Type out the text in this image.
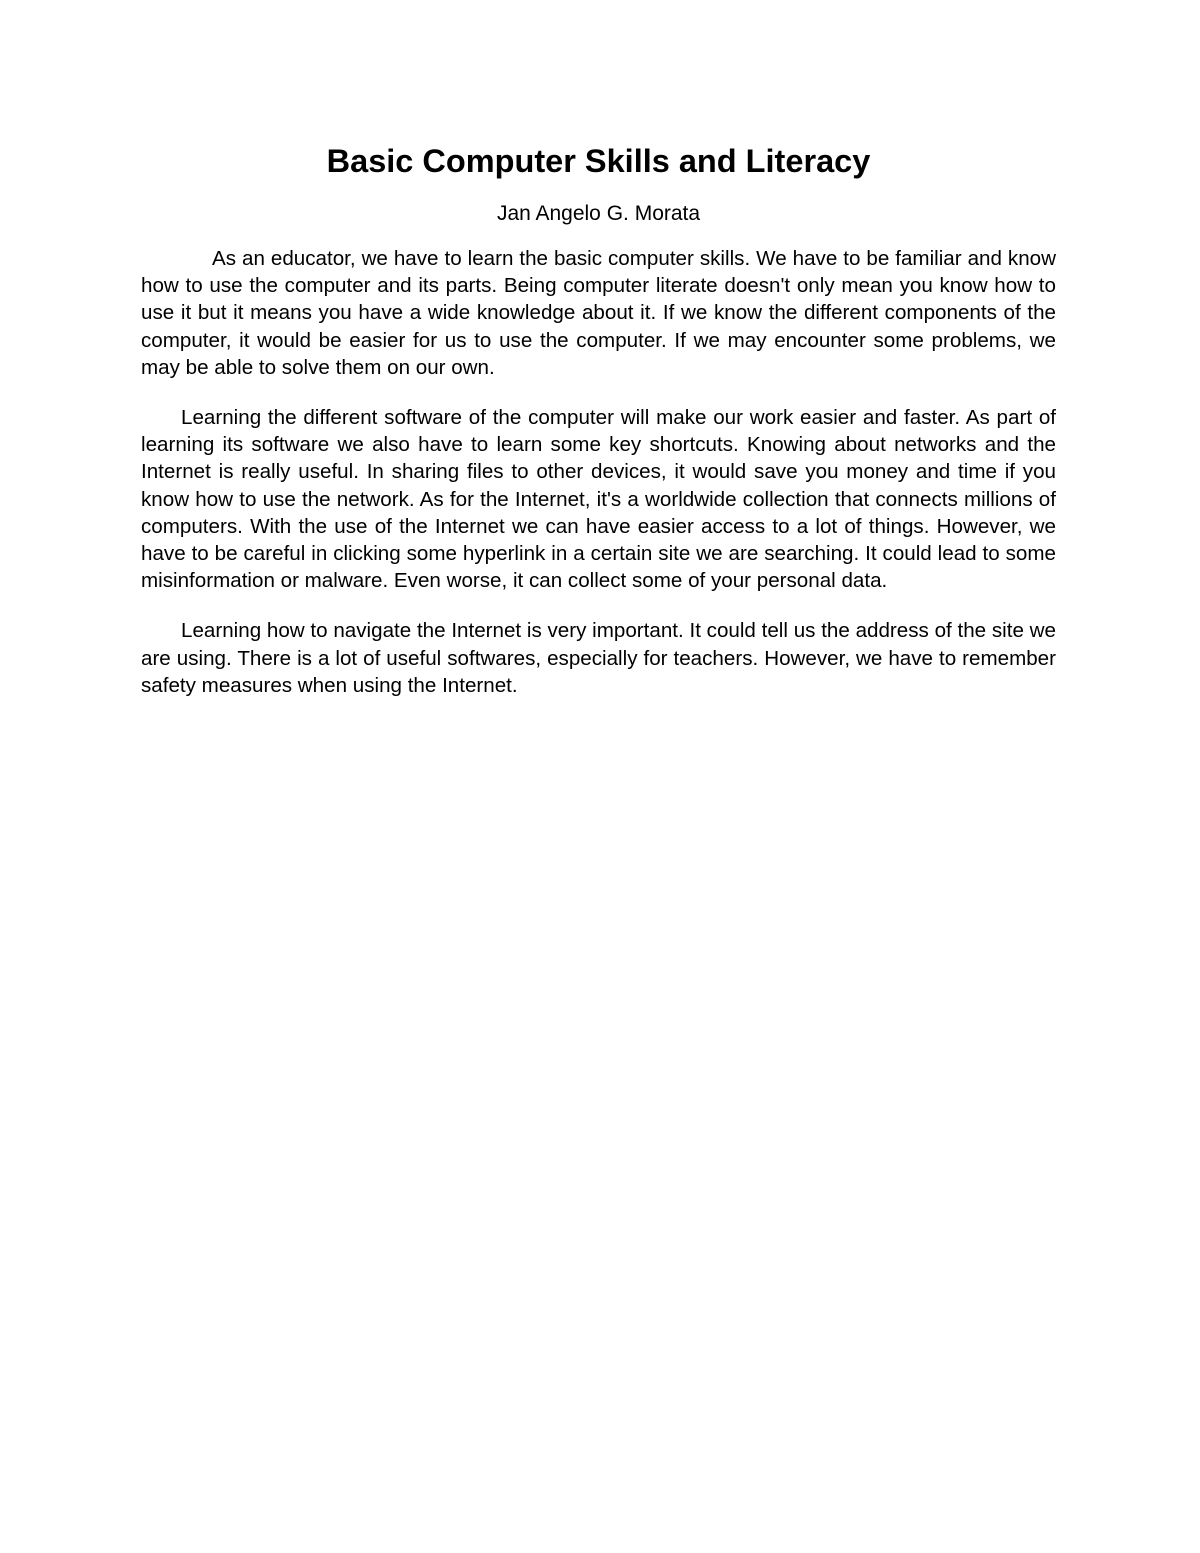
Basic Computer Skills and Literacy

Jan Angelo G. Morata

As an educator, we have to learn the basic computer skills. We have to be familiar and know how to use the computer and its parts. Being computer literate doesn't only mean you know how to use it but it means you have a wide knowledge about it. If we know the different components of the computer, it would be easier for us to use the computer. If we may encounter some problems, we may be able to solve them on our own.

Learning the different software of the computer will make our work easier and faster. As part of learning its software we also have to learn some key shortcuts. Knowing about networks and the Internet is really useful. In sharing files to other devices, it would save you money and time if you know how to use the network. As for the Internet, it's a worldwide collection that connects millions of computers. With the use of the Internet we can have easier access to a lot of things. However, we have to be careful in clicking some hyperlink in a certain site we are searching. It could lead to some misinformation or malware. Even worse, it can collect some of your personal data.

Learning how to navigate the Internet is very important. It could tell us the address of the site we are using. There is a lot of useful softwares, especially for teachers. However, we have to remember safety measures when using the Internet.
